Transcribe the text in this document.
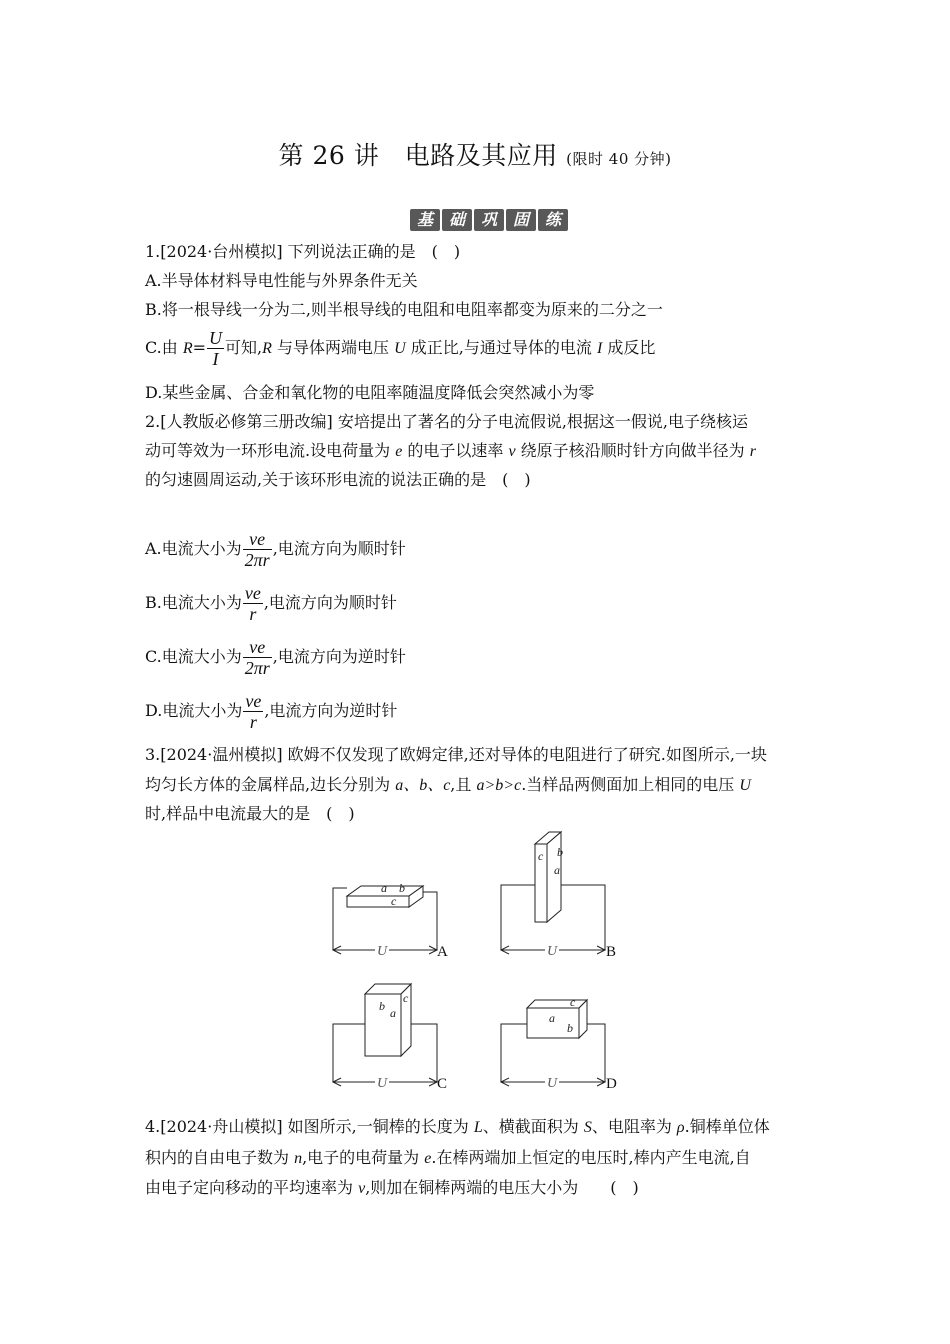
第 26 讲　电路及其应用 (限时 40 分钟)
基 础 巩 固 练
1.[2024·台州模拟] 下列说法正确的是　(　)
A.半导体材料导电性能与外界条件无关
B.将一根导线一分为二,则半根导线的电阻和电阻率都变为原来的二分之一
C.由 $R= \frac{U}{I}$ 可知,R 与导体两端电压 U 成正比,与通过导体的电流 I 成反比
D.某些金属、合金和氧化物的电阻率随温度降低会突然减小为零
2.[人教版必修第三册改编] 安培提出了著名的分子电流假说,根据这一假说,电子绕核运
动可等效为一环形电流.设电荷量为 e 的电子以速率 v 绕原子核沿顺时针方向做半径为 r
的匀速圆周运动,关于该环形电流的说法正确的是　(　)
A.电流大小为 $\frac{ve}{2\pi r}$ ,电流方向为顺时针
B.电流大小为 $\frac{ve}{r}$ ,电流方向为顺时针
C.电流大小为 $\frac{ve}{2\pi r}$ ,电流方向为逆时针
D.电流大小为 $\frac{ve}{r}$ ,电流方向为逆时针
3.[2024·温州模拟] 欧姆不仅发现了欧姆定律,还对导体的电阻进行了研究.如图所示,一块
均匀长方体的金属样品,边长分别为 a、b、c,且 a>b>c.当样品两侧面加上相同的电压 U
时,样品中电流最大的是　(　)
U
a b
c
A	U
c b
a
B
U
b
c
a
C	U
a
c
b
D
4.[2024·舟山模拟] 如图所示,一铜棒的长度为 L、横截面积为 S、电阻率为 ρ.铜棒单位体
积内的自由电子数为 n,电子的电荷量为 e.在棒两端加上恒定的电压时,棒内产生电流,自
由电子定向移动的平均速率为 v,则加在铜棒两端的电压大小为　　(　)
